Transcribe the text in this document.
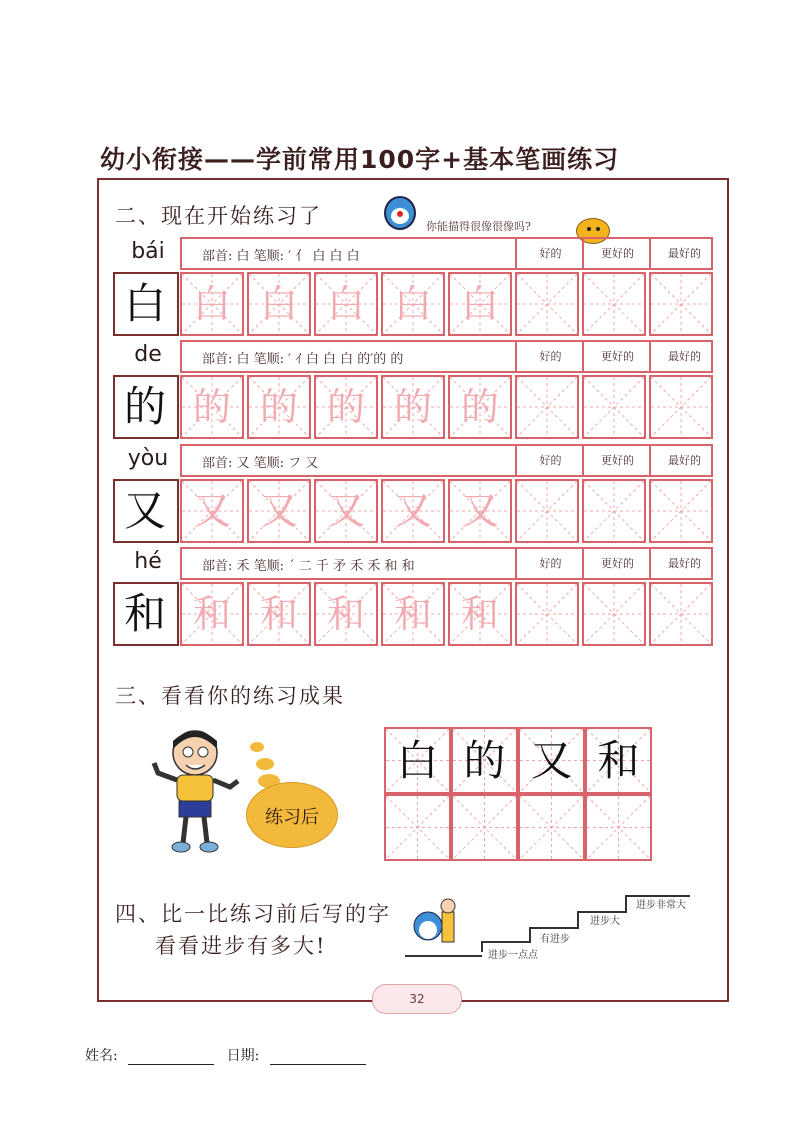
幼小衔接——学前常用100字+基本笔画练习
二、现在开始练习了	你能描得很像很像吗?
bái	部首: 白 笔顺: ′ 亻 白 白 白	好的	更好的	最好的
白 白 白 白 白 白
de	部首: 白 笔顺: ′ ｲ 白 白 白 的′的 的	好的	更好的	最好的
的 的 的 的 的 的
yòu	部首: 又 笔顺: フ 又	好的	更好的	最好的
又 又 又 又 又 又
hé	部首: 禾 笔顺: ˊ 二 千 矛 禾 禾 和 和	好的	更好的	最好的
和 和 和 和 和 和
三、看看你的练习成果
练习后
白 的 又 和
四、比一比练习前后写的字
看看进步有多大!	进步一点点
有进步
进步大
进步非常大
32
姓名:	日期:
